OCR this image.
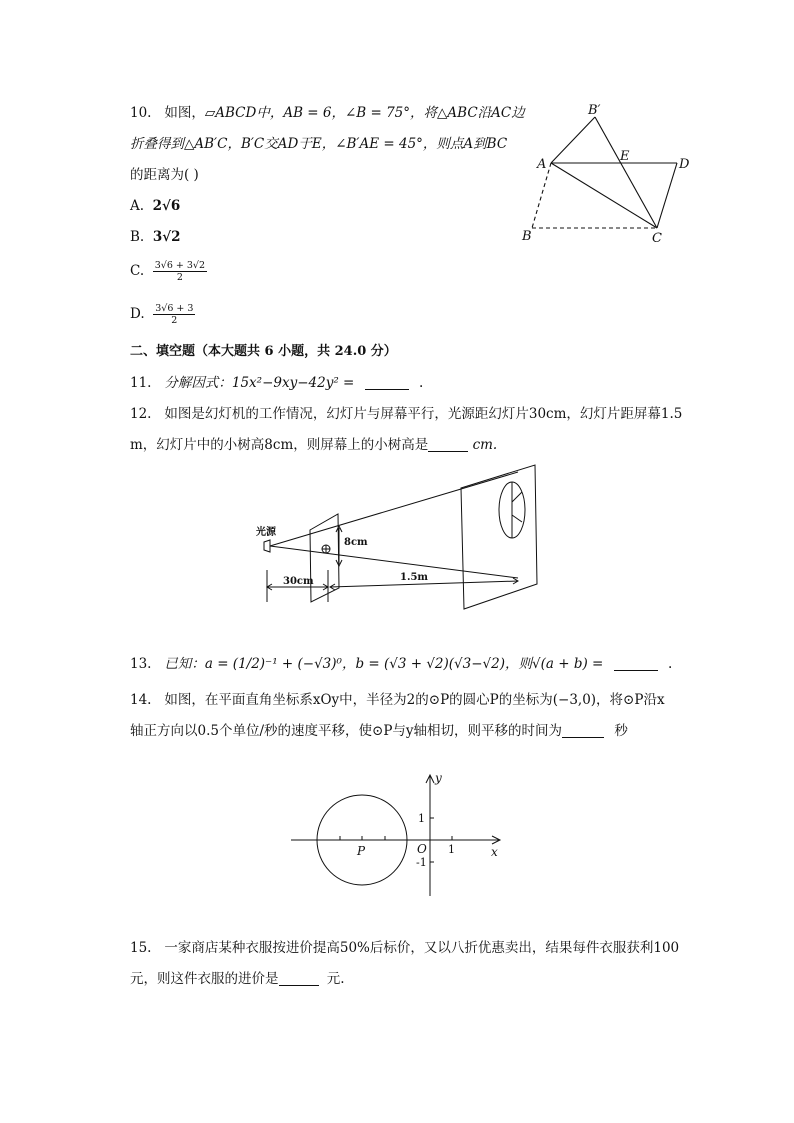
10. 如图，▱ABCD中，AB = 6，∠B = 75°，将△ABC沿AC边
折叠得到△AB′C，B′C交AD于E，∠B′AE = 45°，则点A到BC
的距离为( )
A. 2√6
B. 3√2
C. $\frac{3√6 + 3√2}{2}$
D. $\frac{3√6 + 3}{2}$
B′
A
E
D
B	C
二、填空题（本大题共 6 小题，共 24.0 分）
11. 分解因式：15x²−9xy−42y² =	.
12. 如图是幻灯机的工作情况，幻灯片与屏幕平行，光源距幻灯片30cm，幻灯片距屏幕1.5
m，幻灯片中的小树高8cm，则屏幕上的小树高是	cm.
光源
8cm
30cm	1.5m
13. 已知：a = (1/2)⁻¹ + (−√3)⁰，b = (√3 + √2)(√3−√2)，则√(a + b) =	.
14. 如图，在平面直角坐标系xOy中，半径为2的⊙P的圆心P的坐标为(−3,0)，将⊙P沿x
轴正方向以0.5个单位/秒的速度平移，使⊙P与y轴相切，则平移的时间为	秒
y
x
O
P
1
-1
1
15. 一家商店某种衣服按进价提高50%后标价，又以八折优惠卖出，结果每件衣服获利100
元，则这件衣服的进价是	元.
